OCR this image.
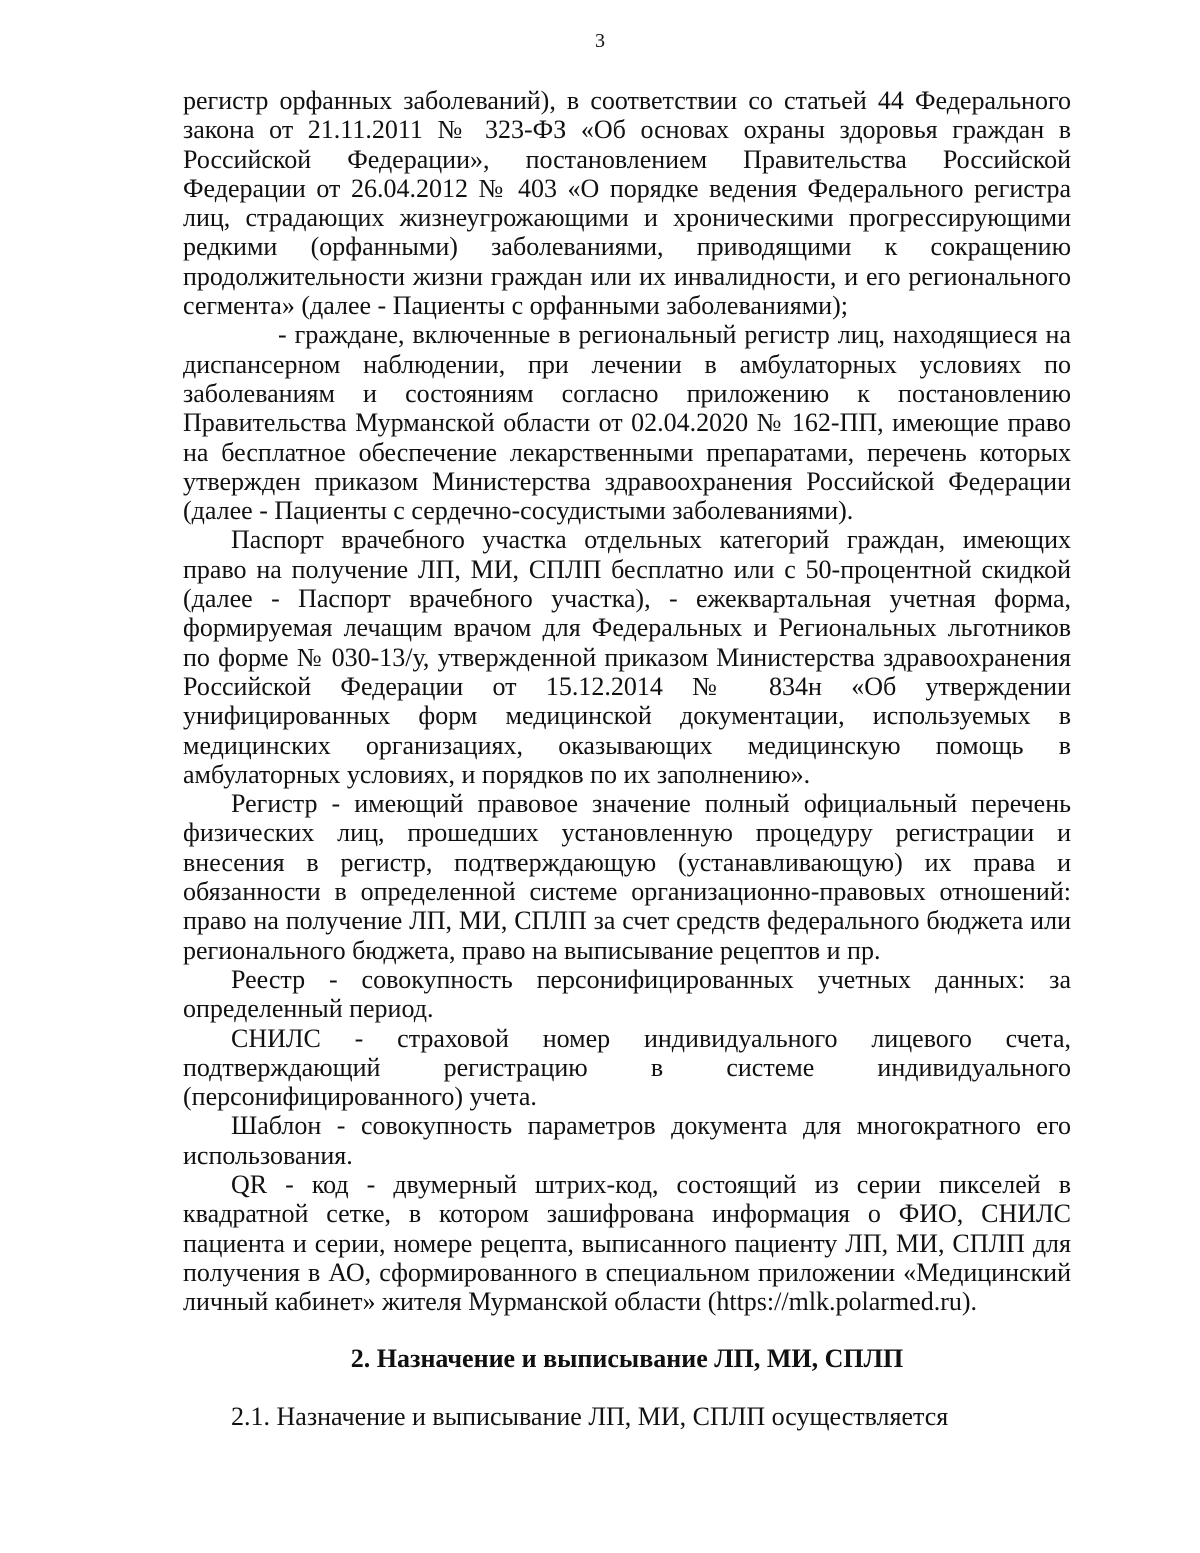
3

регистр орфанных заболеваний), в соответствии со статьей 44 Федерального закона от 21.11.2011 № 323-ФЗ «Об основах охраны здоровья граждан в Российской Федерации», постановлением Правительства Российской Федерации от 26.04.2012 № 403 «О порядке ведения Федерального регистра лиц, страдающих жизнеугрожающими и хроническими прогрессирующими редкими (орфанными) заболеваниями, приводящими к сокращению продолжительности жизни граждан или их инвалидности, и его регионального сегмента» (далее - Пациенты с орфанными заболеваниями);

- граждане, включенные в региональный регистр лиц, находящиеся на диспансерном наблюдении, при лечении в амбулаторных условиях по заболеваниям и состояниям согласно приложению к постановлению Правительства Мурманской области от 02.04.2020 № 162-ПП, имеющие право на бесплатное обеспечение лекарственными препаратами, перечень которых утвержден приказом Министерства здравоохранения Российской Федерации (далее - Пациенты с сердечно-сосудистыми заболеваниями).

Паспорт врачебного участка отдельных категорий граждан, имеющих право на получение ЛП, МИ, СПЛП бесплатно или с 50-процентной скидкой (далее - Паспорт врачебного участка), - ежеквартальная учетная форма, формируемая лечащим врачом для Федеральных и Региональных льготников по форме № 030-13/у, утвержденной приказом Министерства здравоохранения Российской Федерации от 15.12.2014 № 834н «Об утверждении унифицированных форм медицинской документации, используемых в медицинских организациях, оказывающих медицинскую помощь в амбулаторных условиях, и порядков по их заполнению».

Регистр - имеющий правовое значение полный официальный перечень физических лиц, прошедших установленную процедуру регистрации и внесения в регистр, подтверждающую (устанавливающую) их права и обязанности в определенной системе организационно-правовых отношений: право на получение ЛП, МИ, СПЛП за счет средств федерального бюджета или регионального бюджета, право на выписывание рецептов и пр.

Реестр - совокупность персонифицированных учетных данных: за определенный период.

СНИЛС - страховой номер индивидуального лицевого счета, подтверждающий регистрацию в системе индивидуального (персонифицированного) учета.

Шаблон - совокупность параметров документа для многократного его использования.

QR - код - двумерный штрих-код, состоящий из серии пикселей в квадратной сетке, в котором зашифрована информация о ФИО, СНИЛС пациента и серии, номере рецепта, выписанного пациенту ЛП, МИ, СПЛП для получения в АО, сформированного в специальном приложении «Медицинский личный кабинет» жителя Мурманской области (https://mlk.polarmed.ru).

2. Назначение и выписывание ЛП, МИ, СПЛП

2.1. Назначение и выписывание ЛП, МИ, СПЛП осуществляется
